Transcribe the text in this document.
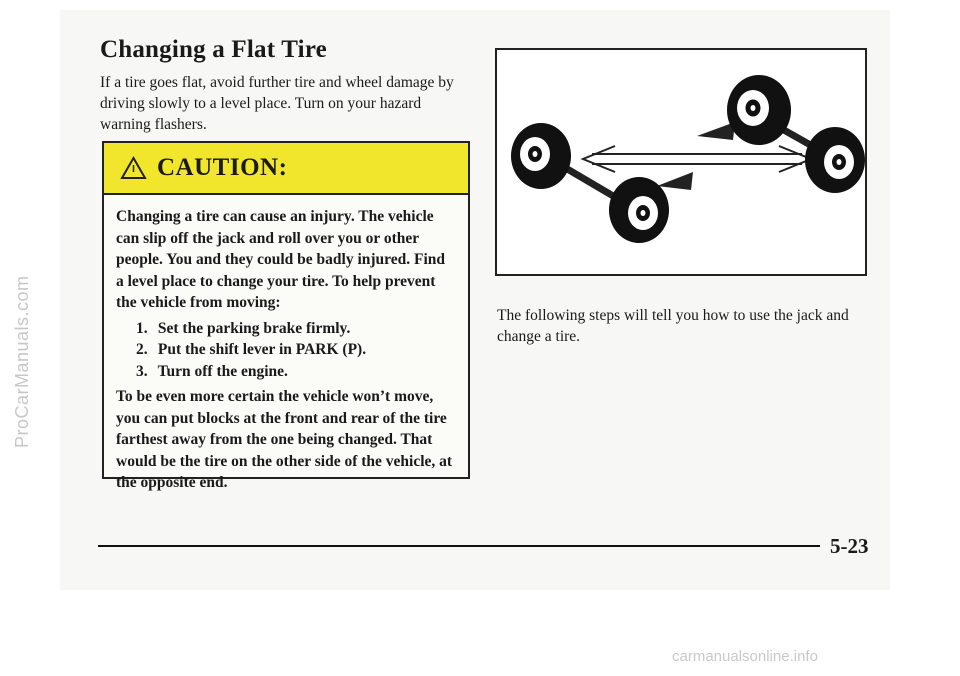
Changing a Flat Tire

If a tire goes flat, avoid further tire and wheel damage by driving slowly to a level place. Turn on your hazard warning flashers.

CAUTION:

Changing a tire can cause an injury. The vehicle can slip off the jack and roll over you or other people. You and they could be badly injured. Find a level place to change your tire. To help prevent the vehicle from moving:

1. Set the parking brake firmly.
2. Put the shift lever in PARK (P).
3. Turn off the engine.

To be even more certain the vehicle won’t move, you can put blocks at the front and rear of the tire farthest away from the one being changed. That would be the tire on the other side of the vehicle, at the opposite end.

The following steps will tell you how to use the jack and change a tire.

5-23
ProCarManuals.com
carmanualsonline.info
